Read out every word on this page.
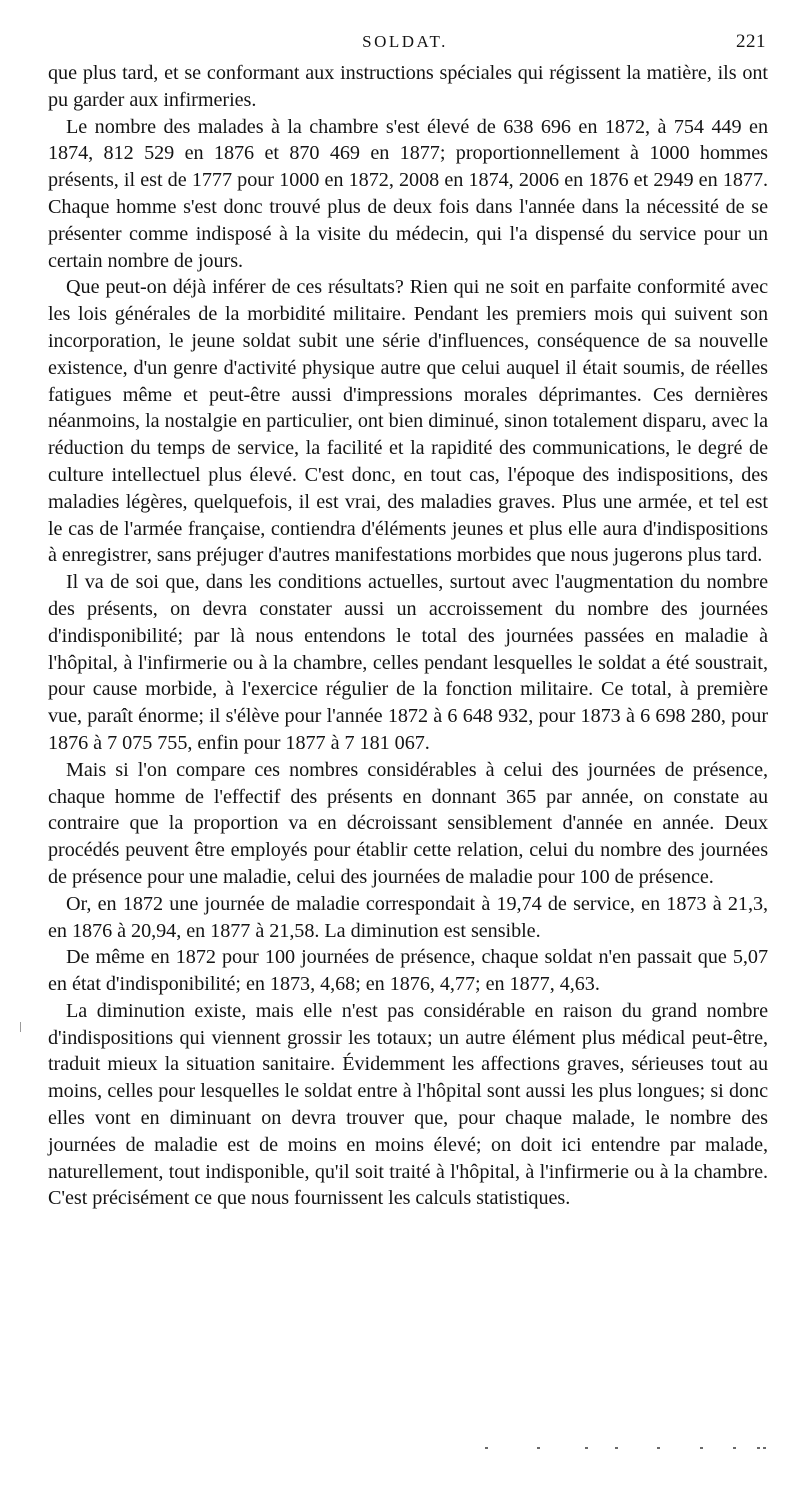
SOLDAT.	221

que plus tard, et se conformant aux instructions spéciales qui régissent la matière, ils ont pu garder aux infirmeries.

Le nombre des malades à la chambre s'est élevé de 638 696 en 1872, à 754 449 en 1874, 812 529 en 1876 et 870 469 en 1877; proportionnellement à 1000 hommes présents, il est de 1777 pour 1000 en 1872, 2008 en 1874, 2006 en 1876 et 2949 en 1877. Chaque homme s'est donc trouvé plus de deux fois dans l'année dans la nécessité de se présenter comme indisposé à la visite du médecin, qui l'a dispensé du service pour un certain nombre de jours.

Que peut-on déjà inférer de ces résultats? Rien qui ne soit en parfaite conformité avec les lois générales de la morbidité militaire. Pendant les premiers mois qui suivent son incorporation, le jeune soldat subit une série d'influences, conséquence de sa nouvelle existence, d'un genre d'activité physique autre que celui auquel il était soumis, de réelles fatigues même et peut-être aussi d'impressions morales déprimantes. Ces dernières néanmoins, la nostalgie en particulier, ont bien diminué, sinon totalement disparu, avec la réduction du temps de service, la facilité et la rapidité des communications, le degré de culture intellectuel plus élevé. C'est donc, en tout cas, l'époque des indispositions, des maladies légères, quelquefois, il est vrai, des maladies graves. Plus une armée, et tel est le cas de l'armée française, contiendra d'éléments jeunes et plus elle aura d'indispositions à enregistrer, sans préjuger d'autres manifestations morbides que nous jugerons plus tard.

Il va de soi que, dans les conditions actuelles, surtout avec l'augmentation du nombre des présents, on devra constater aussi un accroissement du nombre des journées d'indisponibilité; par là nous entendons le total des journées passées en maladie à l'hôpital, à l'infirmerie ou à la chambre, celles pendant lesquelles le soldat a été soustrait, pour cause morbide, à l'exercice régulier de la fonction militaire. Ce total, à première vue, paraît énorme; il s'élève pour l'année 1872 à 6 648 932, pour 1873 à 6 698 280, pour 1876 à 7 075 755, enfin pour 1877 à 7 181 067.

Mais si l'on compare ces nombres considérables à celui des journées de présence, chaque homme de l'effectif des présents en donnant 365 par année, on constate au contraire que la proportion va en décroissant sensiblement d'année en année. Deux procédés peuvent être employés pour établir cette relation, celui du nombre des journées de présence pour une maladie, celui des journées de maladie pour 100 de présence.

Or, en 1872 une journée de maladie correspondait à 19,74 de service, en 1873 à 21,3, en 1876 à 20,94, en 1877 à 21,58. La diminution est sensible.

De même en 1872 pour 100 journées de présence, chaque soldat n'en passait que 5,07 en état d'indisponibilité; en 1873, 4,68; en 1876, 4,77; en 1877, 4,63.

La diminution existe, mais elle n'est pas considérable en raison du grand nombre d'indispositions qui viennent grossir les totaux; un autre élément plus médical peut-être, traduit mieux la situation sanitaire. Évidemment les affections graves, sérieuses tout au moins, celles pour lesquelles le soldat entre à l'hôpital sont aussi les plus longues; si donc elles vont en diminuant on devra trouver que, pour chaque malade, le nombre des journées de maladie est de moins en moins élevé; on doit ici entendre par malade, naturellement, tout indisponible, qu'il soit traité à l'hôpital, à l'infirmerie ou à la chambre. C'est précisément ce que nous fournissent les calculs statistiques.
